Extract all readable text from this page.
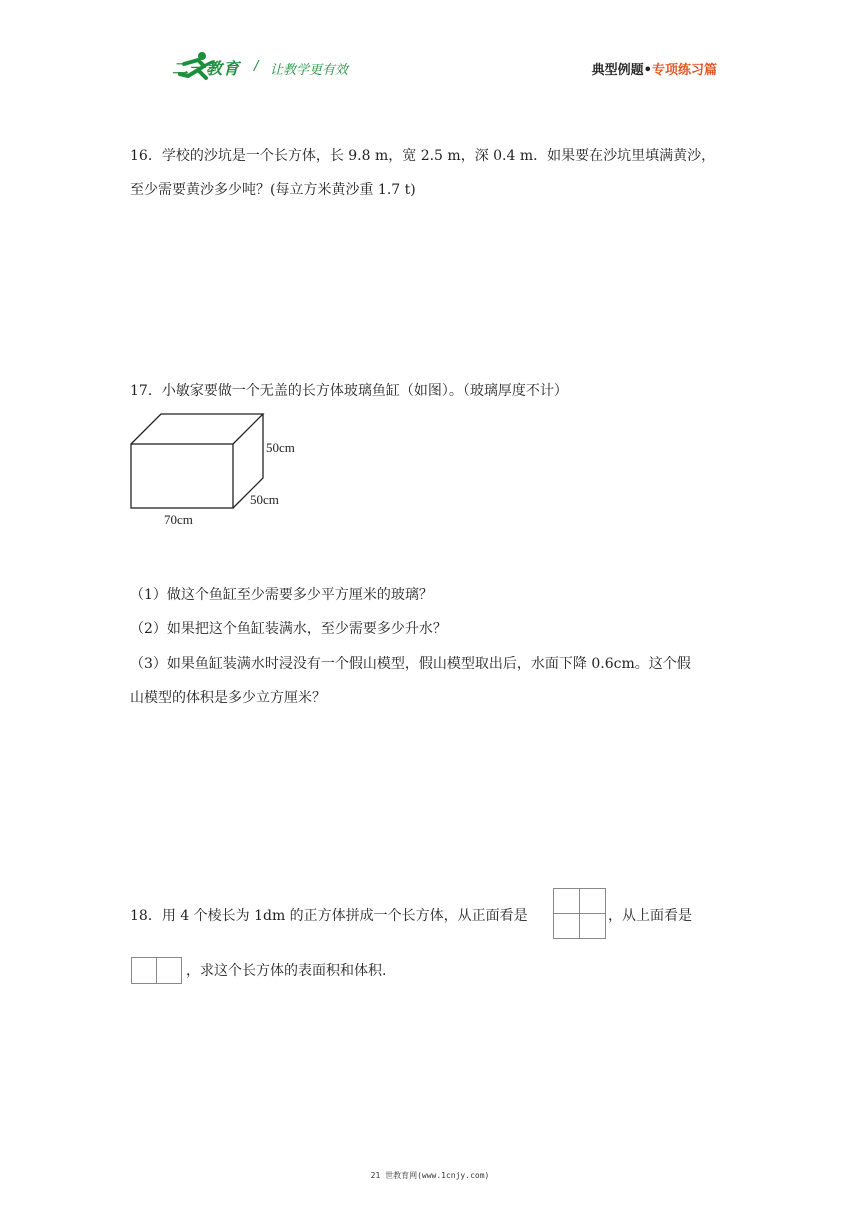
二一教育 / 让教学更有效	典型例题•专项练习篇
16．学校的沙坑是一个长方体，长 9.8 m，宽 2.5 m，深 0.4 m．如果要在沙坑里填满黄沙，
至少需要黄沙多少吨？(每立方米黄沙重 1.7 t)
17．小敏家要做一个无盖的长方体玻璃鱼缸（如图）。（玻璃厚度不计）
50cm
50cm
70cm
（1）做这个鱼缸至少需要多少平方厘米的玻璃？
（2）如果把这个鱼缸装满水，至少需要多少升水？
（3）如果鱼缸装满水时浸没有一个假山模型，假山模型取出后，水面下降 0.6cm。这个假
山模型的体积是多少立方厘米？
18．用 4 个棱长为 1dm 的正方体拼成一个长方体，从正面看是	，从上面看是
，求这个长方体的表面积和体积.
21 世教育网(www.1cnjy.com)
